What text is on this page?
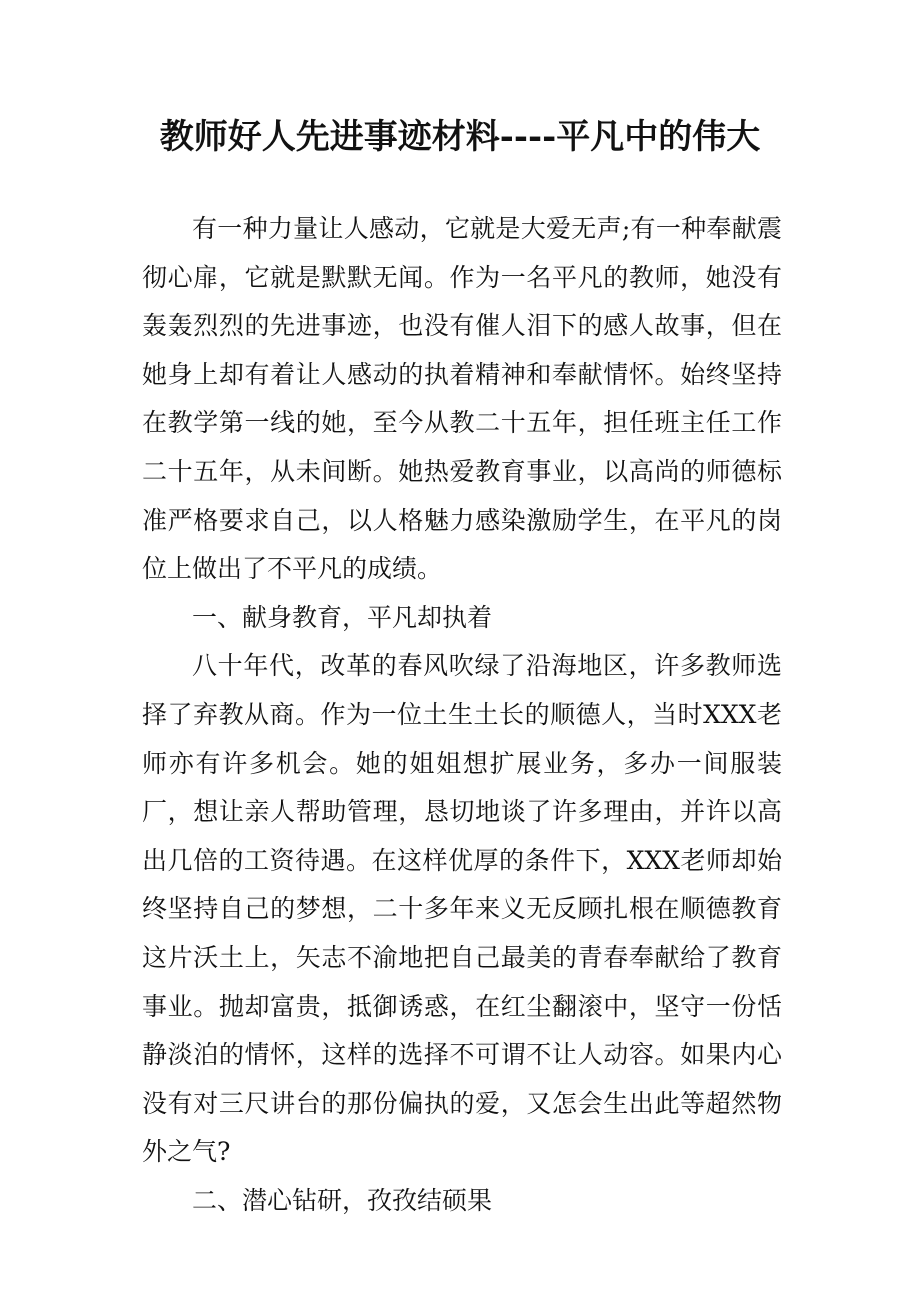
教师好人先进事迹材料----平凡中的伟大

有一种力量让人感动，它就是大爱无声;有一种奉献震彻心扉，它就是默默无闻。作为一名平凡的教师，她没有轰轰烈烈的先进事迹，也没有催人泪下的感人故事，但在她身上却有着让人感动的执着精神和奉献情怀。始终坚持在教学第一线的她，至今从教二十五年，担任班主任工作二十五年，从未间断。她热爱教育事业，以高尚的师德标准严格要求自己，以人格魅力感染激励学生，在平凡的岗位上做出了不平凡的成绩。

一、献身教育，平凡却执着

八十年代，改革的春风吹绿了沿海地区，许多教师选择了弃教从商。作为一位土生土长的顺德人，当时XXX老师亦有许多机会。她的姐姐想扩展业务，多办一间服装厂，想让亲人帮助管理，恳切地谈了许多理由，并许以高出几倍的工资待遇。在这样优厚的条件下，XXX老师却始终坚持自己的梦想，二十多年来义无反顾扎根在顺德教育这片沃土上，矢志不渝地把自己最美的青春奉献给了教育事业。抛却富贵，抵御诱惑，在红尘翻滚中，坚守一份恬静淡泊的情怀，这样的选择不可谓不让人动容。如果内心没有对三尺讲台的那份偏执的爱，又怎会生出此等超然物外之气?

二、潜心钻研，孜孜结硕果
